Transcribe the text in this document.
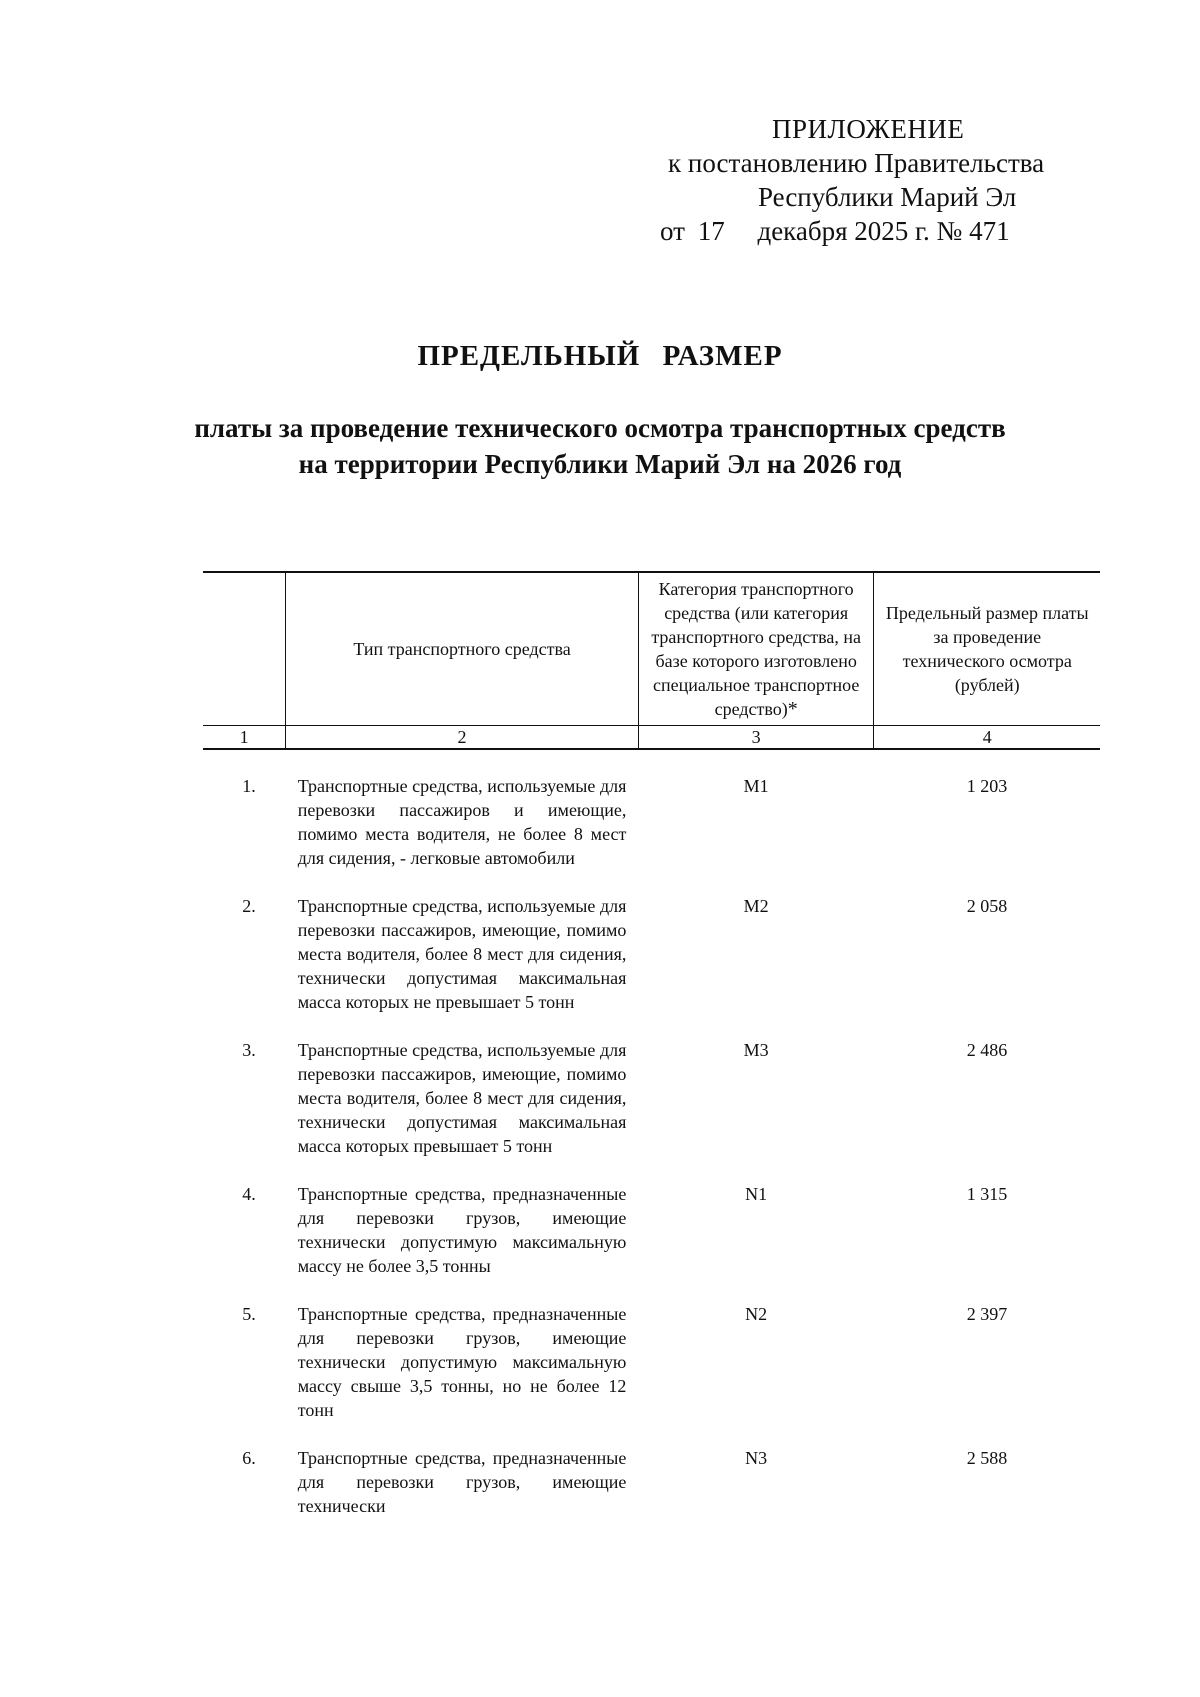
ПРИЛОЖЕНИЕ
к постановлению Правительства
Республики Марий Эл
от 17 декабря 2025 г. № 471
ПРЕДЕЛЬНЫЙ РАЗМЕР
платы за проведение технического осмотра транспортных средств
на территории Республики Марий Эл на 2026 год
	Тип транспортного средства	Категория транспортного средства (или категория транспортного средства, на базе которого изготовлено специальное транспортное средство)*	Предельный размер платы за проведение технического осмотра (рублей)
1	2	3	4
1.	Транспортные средства, используемые для перевозки пассажиров и имеющие, помимо места водителя, не более 8 мест для сидения, - легковые автомобили	M1	1 203
2.	Транспортные средства, используемые для перевозки пассажиров, имеющие, помимо места водителя, более 8 мест для сидения, технически допустимая максимальная масса которых не превышает 5 тонн	M2	2 058
3.	Транспортные средства, используемые для перевозки пассажиров, имеющие, помимо места водителя, более 8 мест для сидения, технически допустимая максимальная масса которых превышает 5 тонн	M3	2 486
4.	Транспортные средства, предназначенные для перевозки грузов, имеющие технически допустимую максимальную массу не более 3,5 тонны	N1	1 315
5.	Транспортные средства, предназначенные для перевозки грузов, имеющие технически допустимую максимальную массу свыше 3,5 тонны, но не более 12 тонн	N2	2 397
6.	Транспортные средства, предназначенные для перевозки грузов, имеющие технически	N3	2 588
